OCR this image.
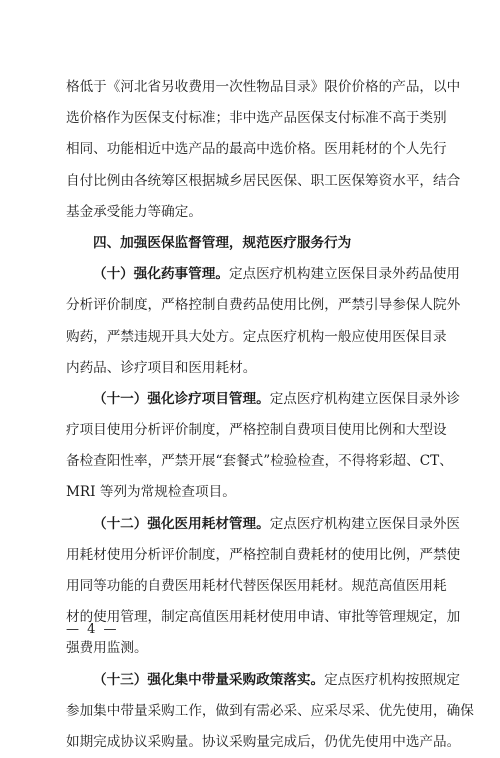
格低于《河北省另收费用一次性物品目录》限价价格的产品，以中
选价格作为医保支付标准；非中选产品医保支付标准不高于类别
相同、功能相近中选产品的最高中选价格。医用耗材的个人先行
自付比例由各统筹区根据城乡居民医保、职工医保筹资水平，结合
基金承受能力等确定。
四、加强医保监督管理，规范医疗服务行为
（十）强化药事管理。定点医疗机构建立医保目录外药品使用
分析评价制度，严格控制自费药品使用比例，严禁引导参保人院外
购药，严禁违规开具大处方。定点医疗机构一般应使用医保目录
内药品、诊疗项目和医用耗材。
（十一）强化诊疗项目管理。定点医疗机构建立医保目录外诊
疗项目使用分析评价制度，严格控制自费项目使用比例和大型设
备检查阳性率，严禁开展“套餐式”检验检查，不得将彩超、CT、
MRI 等列为常规检查项目。
（十二）强化医用耗材管理。定点医疗机构建立医保目录外医
用耗材使用分析评价制度，严格控制自费耗材的使用比例，严禁使
用同等功能的自费医用耗材代替医保医用耗材。规范高值医用耗
材的使用管理，制定高值医用耗材使用申请、审批等管理规定，加
强费用监测。
（十三）强化集中带量采购政策落实。定点医疗机构按照规定
参加集中带量采购工作，做到有需必采、应采尽采、优先使用，确保
如期完成协议采购量。协议采购量完成后，仍优先使用中选产品。
— 4 —
